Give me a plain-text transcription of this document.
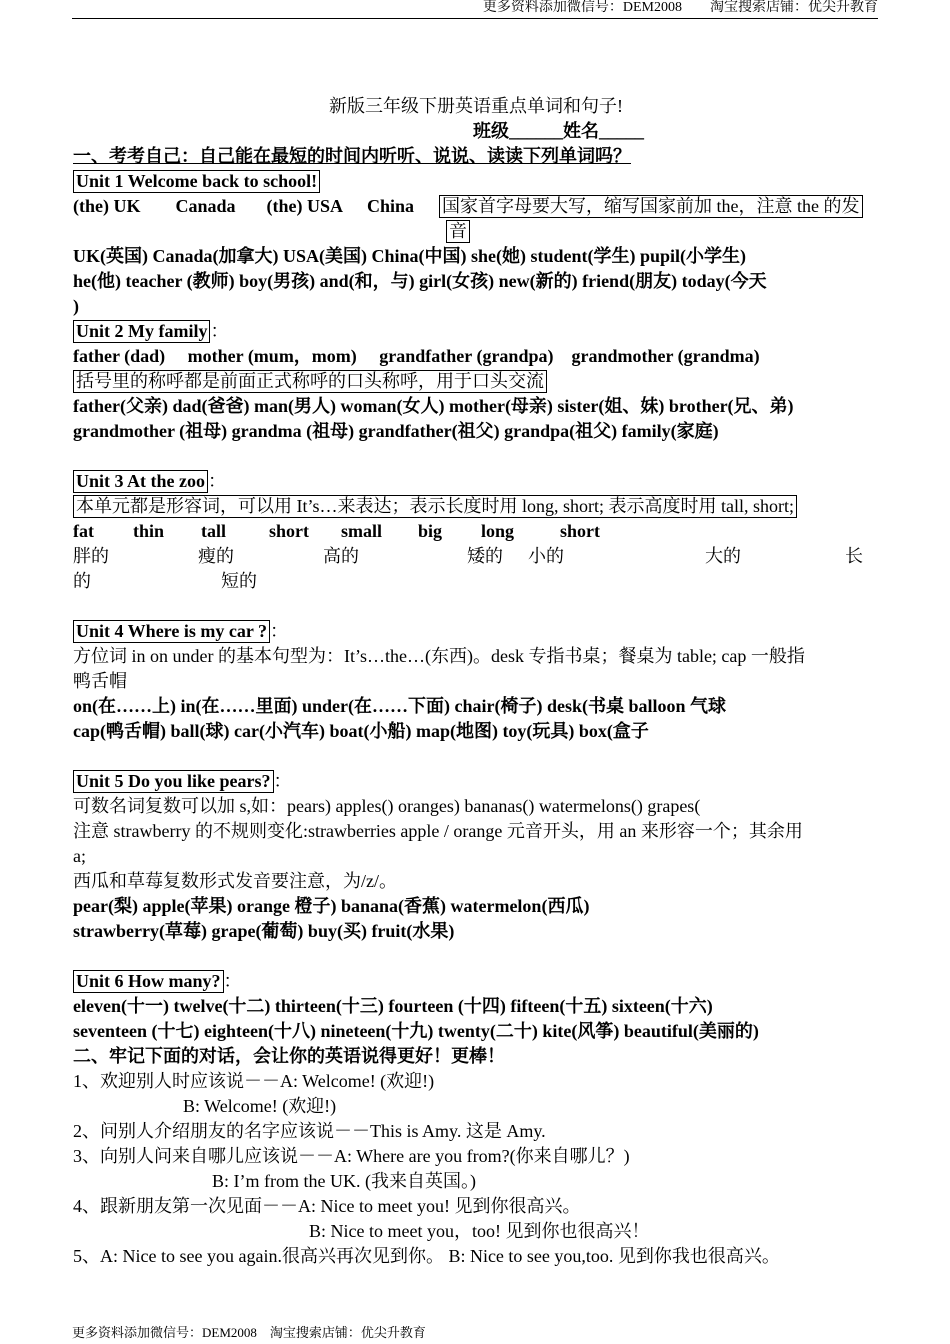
更多资料添加微信号：DEM2008　　淘宝搜索店铺：优尖升教育
新版三年级下册英语重点单词和句子!
班级______姓名_____
一、考考自己：自己能在最短的时间内听听、说说、读读下列单词吗？
Unit 1 Welcome back to school!
(the) UK Canada (the) USA China 国家首字母要大写，缩写国家前加 the，注意 the 的发
音
UK(英国) Canada(加拿大) USA(美国) China(中国) she(她) student(学生) pupil(小学生)
he(他) teacher (教师) boy(男孩) and(和，与) girl(女孩) new(新的) friend(朋友) today(今天
)
Unit 2 My family ：
father (dad)　 mother (mum，mom)　 grandfather (grandpa)　grandmother (grandma)
括号里的称呼都是前面正式称呼的口头称呼，用于口头交流
father(父亲) dad(爸爸) man(男人) woman(女人) mother(母亲) sister(姐、妹) brother(兄、弟)
grandmother (祖母) grandma (祖母) grandfather(祖父) grandpa(祖父) family(家庭)
Unit 3 At the zoo ：
本单元都是形容词，可以用 It’s…来表达；表示长度时用 long, short; 表示高度时用 tall, short;
fat thin tall short small big long	short
胖的	瘦的	高的	矮的 小的	大的	长
的	短的
Unit 4 Where is my car ? ：
方位词 in on under 的基本句型为：It’s…the…(东西)。desk 专指书桌；餐桌为 table; cap 一般指
鸭舌帽
on(在……上) in(在……里面) under(在……下面) chair(椅子) desk(书桌 balloon 气球
cap(鸭舌帽) ball(球) car(小汽车) boat(小船) map(地图) toy(玩具) box(盒子
Unit 5 Do you like pears? ：
可数名词复数可以加 s,如：pears) apples() oranges) bananas() watermelons() grapes(
注意 strawberry 的不规则变化:strawberries apple / orange 元音开头，用 an 来形容一个；其余用
a;
西瓜和草莓复数形式发音要注意，为/z/。
pear(梨) apple(苹果) orange 橙子) banana(香蕉) watermelon(西瓜)
strawberry(草莓) grape(葡萄) buy(买) fruit(水果)
Unit 6 How many? ：
eleven(十一) twelve(十二) thirteen(十三) fourteen (十四) fifteen(十五) sixteen(十六)
seventeen (十七) eighteen(十八) nineteen(十九) twenty(二十) kite(风筝) beautiful(美丽的)
二、牢记下面的对话，会让你的英语说得更好！更棒！
1、欢迎别人时应该说－－A: Welcome! (欢迎!)
B: Welcome! (欢迎!)
2、问别人介绍朋友的名字应该说－－This is Amy. 这是 Amy.
3、向别人问来自哪儿应该说－－A: Where are you from?(你来自哪儿？)
B: I’m from the UK. (我来自英国。)
4、跟新朋友第一次见面－－A: Nice to meet you! 见到你很高兴。
B: Nice to meet you，too! 见到你也很高兴！
5、A: Nice to see you again.很高兴再次见到你。 B: Nice to see you,too. 见到你我也很高兴。
更多资料添加微信号：DEM2008　淘宝搜索店铺：优尖升教育
